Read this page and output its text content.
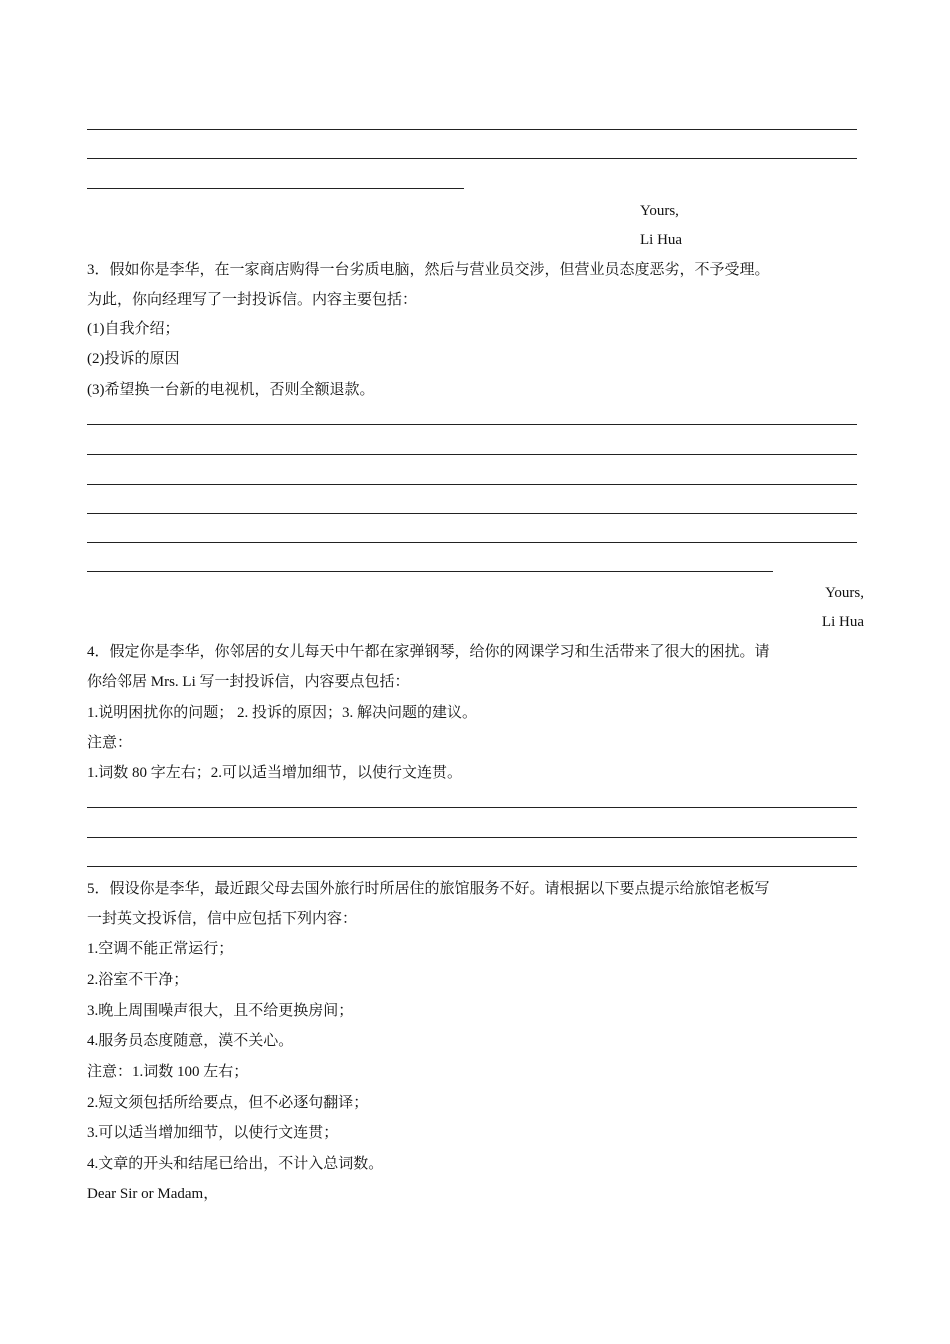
Yours,
Li Hua
3．假如你是李华，在一家商店购得一台劣质电脑，然后与营业员交涉，但营业员态度恶劣，不予受理。
为此，你向经理写了一封投诉信。内容主要包括：
(1)自我介绍；
(2)投诉的原因
(3)希望换一台新的电视机，否则全额退款。
Yours,
Li Hua
4．假定你是李华，你邻居的女儿每天中午都在家弹钢琴，给你的网课学习和生活带来了很大的困扰。请
你给邻居 Mrs. Li 写一封投诉信，内容要点包括：
1.说明困扰你的问题； 2. 投诉的原因；3. 解决问题的建议。
注意：
1.词数 80 字左右；2.可以适当增加细节，以使行文连贯。
5．假设你是李华，最近跟父母去国外旅行时所居住的旅馆服务不好。请根据以下要点提示给旅馆老板写
一封英文投诉信，信中应包括下列内容：
1.空调不能正常运行；
2.浴室不干净；
3.晚上周围噪声很大，且不给更换房间；
4.服务员态度随意，漠不关心。
注意：1.词数 100 左右；
2.短文须包括所给要点，但不必逐句翻译；
3.可以适当增加细节，以使行文连贯；
4.文章的开头和结尾已给出，不计入总词数。
Dear Sir or Madam，
